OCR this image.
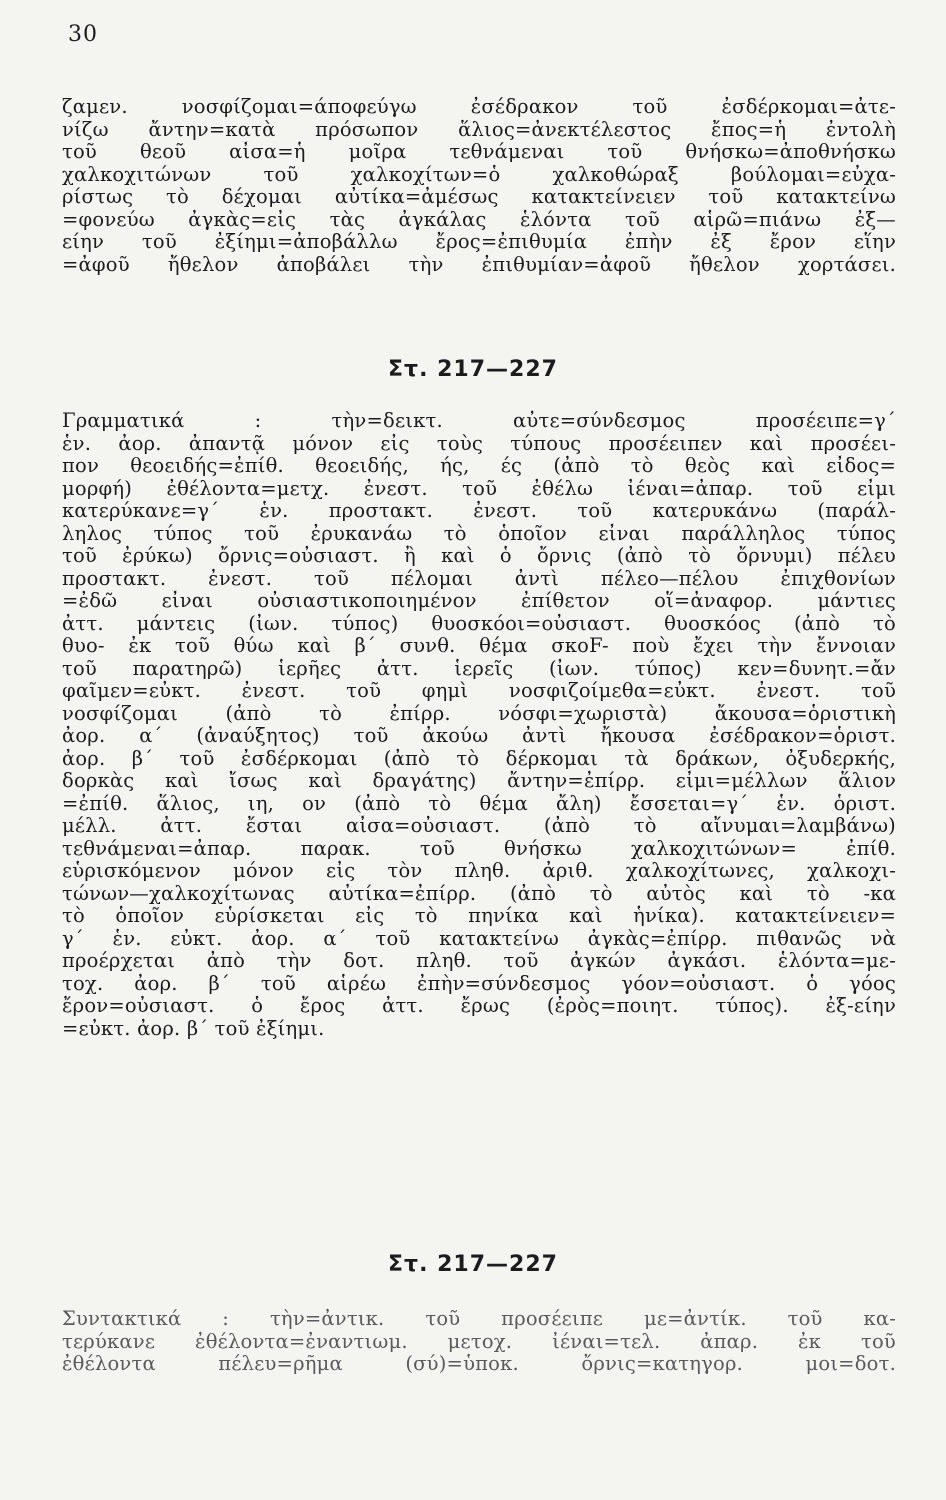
30
ζαμεν. νοσφίζομαι=άποφεύγω ἐσέδρακον τοῦ ἐσδέρκομαι=ἀτε-
νίζω ἄντην=κατὰ πρόσωπον ἅλιος=ἀνεκτέλεστος ἔπος=ἡ ἐντολὴ
τοῦ θεοῦ αἶσα=ἡ μοῖρα τεθνάμεναι τοῦ θνήσκω=ἀποθνήσκω
χαλκοχιτώνων τοῦ χαλκοχίτων=ὁ χαλκοθώραξ βούλομαι=εὐχα-
ρίστως τὸ δέχομαι αὐτίκα=ἀμέσως κατακτείνειεν τοῦ κατακτείνω
=φονεύω ἀγκὰς=εἰς τὰς ἀγκάλας ἑλόντα τοῦ αἱρῶ=πιάνω ἐξ—
είην τοῦ ἐξίημι=ἀποβάλλω ἔρος=ἐπιθυμία ἐπὴν ἐξ ἔρον εἵην
=ἀφοῦ ἤθελον ἀποβάλει τὴν ἐπιθυμίαν=ἀφοῦ ἤθελον χορτάσει.
Στ. 217—227
Γραμματικά : τὴν=δεικτ. αὖτε=σύνδεσμος προσέειπε=γ΄
ἑν. ἀορ. ἀπαντᾷ μόνον εἰς τοὺς τύπους προσέειπεν καὶ προσέει-
πον θεοειδής=ἐπίθ. θεοειδής, ής, ές (ἀπὸ τὸ θεὸς καὶ εἶδος=
μορφή) ἐθέλοντα=μετχ. ἐνεστ. τοῦ ἐθέλω ἰέναι=ἀπαρ. τοῦ εἶμι
κατερύκανε=γ΄ ἑν. προστακτ. ἐνεστ. τοῦ κατερυκάνω (παράλ-
ληλος τύπος τοῦ ἐρυκανάω τὸ ὁποῖον εἶναι παράλληλος τύπος
τοῦ ἐρύκω) ὄρνις=οὐσιαστ. ἢ καὶ ὁ ὄρνις (ἀπὸ τὸ ὄρνυμι) πέλευ
προστακτ. ἐνεστ. τοῦ πέλομαι ἀντὶ πέλεο—πέλου ἐπιχθονίων
=ἐδῶ εἶναι οὐσιαστικοποιημένον ἐπίθετον οἵ=ἀναφορ. μάντιες
ἀττ. μάντεις (ἰων. τύπος) θυοσκόοι=οὐσιαστ. θυοσκόος (ἀπὸ τὸ
θυο- ἐκ τοῦ θύω καὶ β΄ συνθ. θέμα σκοF- ποὺ ἔχει τὴν ἔννοιαν
τοῦ παρατηρῶ) ἱερῆες ἀττ. ἱερεῖς (ἰων. τύπος) κεν=δυνητ.=ἄν
φαῖμεν=εὐκτ. ἐνεστ. τοῦ φημὶ νοσφιζοίμεθα=εὐκτ. ἐνεστ. τοῦ
νοσφίζομαι (ἀπὸ τὸ ἐπίρρ. νόσφι=χωριστὰ) ἄκουσα=ὁριστικὴ
ἀορ. α΄ (ἀναύξητος) τοῦ ἀκούω ἀντὶ ἤκουσα ἐσέδρακον=ὁριστ.
ἀορ. β΄ τοῦ ἐσδέρκομαι (ἀπὸ τὸ δέρκομαι τὰ δράκων, ὀξυδερκής,
δορκὰς καὶ ἴσως καὶ δραγάτης) ἄντην=ἐπίρρ. εἶμι=μέλλων ἅλιον
=ἐπίθ. ἅλιος, ιη, ον (ἀπὸ τὸ θέμα ἄλη) ἔσσεται=γ΄ ἑν. ὁριστ.
μέλλ. ἀττ. ἔσται αἶσα=οὐσιαστ. (ἀπὸ τὸ αἴνυμαι=λαμβάνω)
τεθνάμεναι=ἀπαρ. παρακ. τοῦ θνήσκω χαλκοχιτώνων= ἐπίθ.
εὑρισκόμενον μόνον εἰς τὸν πληθ. ἀριθ. χαλκοχίτωνες, χαλκοχι-
τώνων—χαλκοχίτωνας αὐτίκα=ἐπίρρ. (ἀπὸ τὸ αὐτὸς καὶ τὸ -κα
τὸ ὁποῖον εὑρίσκεται εἰς τὸ πηνίκα καὶ ἡνίκα). κατακτείνειεν=
γ΄ ἑν. εὐκτ. ἀορ. α΄ τοῦ κατακτείνω ἀγκὰς=ἐπίρρ. πιθανῶς νὰ
προέρχεται ἀπὸ τὴν δοτ. πληθ. τοῦ ἀγκών ἀγκάσι. ἑλόντα=με-
τοχ. ἀορ. β΄ τοῦ αἱρέω ἐπὴν=σύνδεσμος γόον=οὐσιαστ. ὁ γόος
ἔρον=οὐσιαστ. ὁ ἔρος ἀττ. ἔρως (ἐρὸς=ποιητ. τύπος). ἐξ-είην
=εὐκτ. ἀορ. β΄ τοῦ ἐξίημι.
Στ. 217—227
Συντακτικά : τὴν=ἀντικ. τοῦ προσέειπε με=ἀντίκ. τοῦ κα-
τερύκανε ἐθέλοντα=ἐναντιωμ. μετοχ. ἰέναι=τελ. ἀπαρ. ἐκ τοῦ
ἐθέλοντα πέλευ=ρῆμα (σύ)=ὑποκ. ὄρνις=κατηγορ. μοι=δοτ.
